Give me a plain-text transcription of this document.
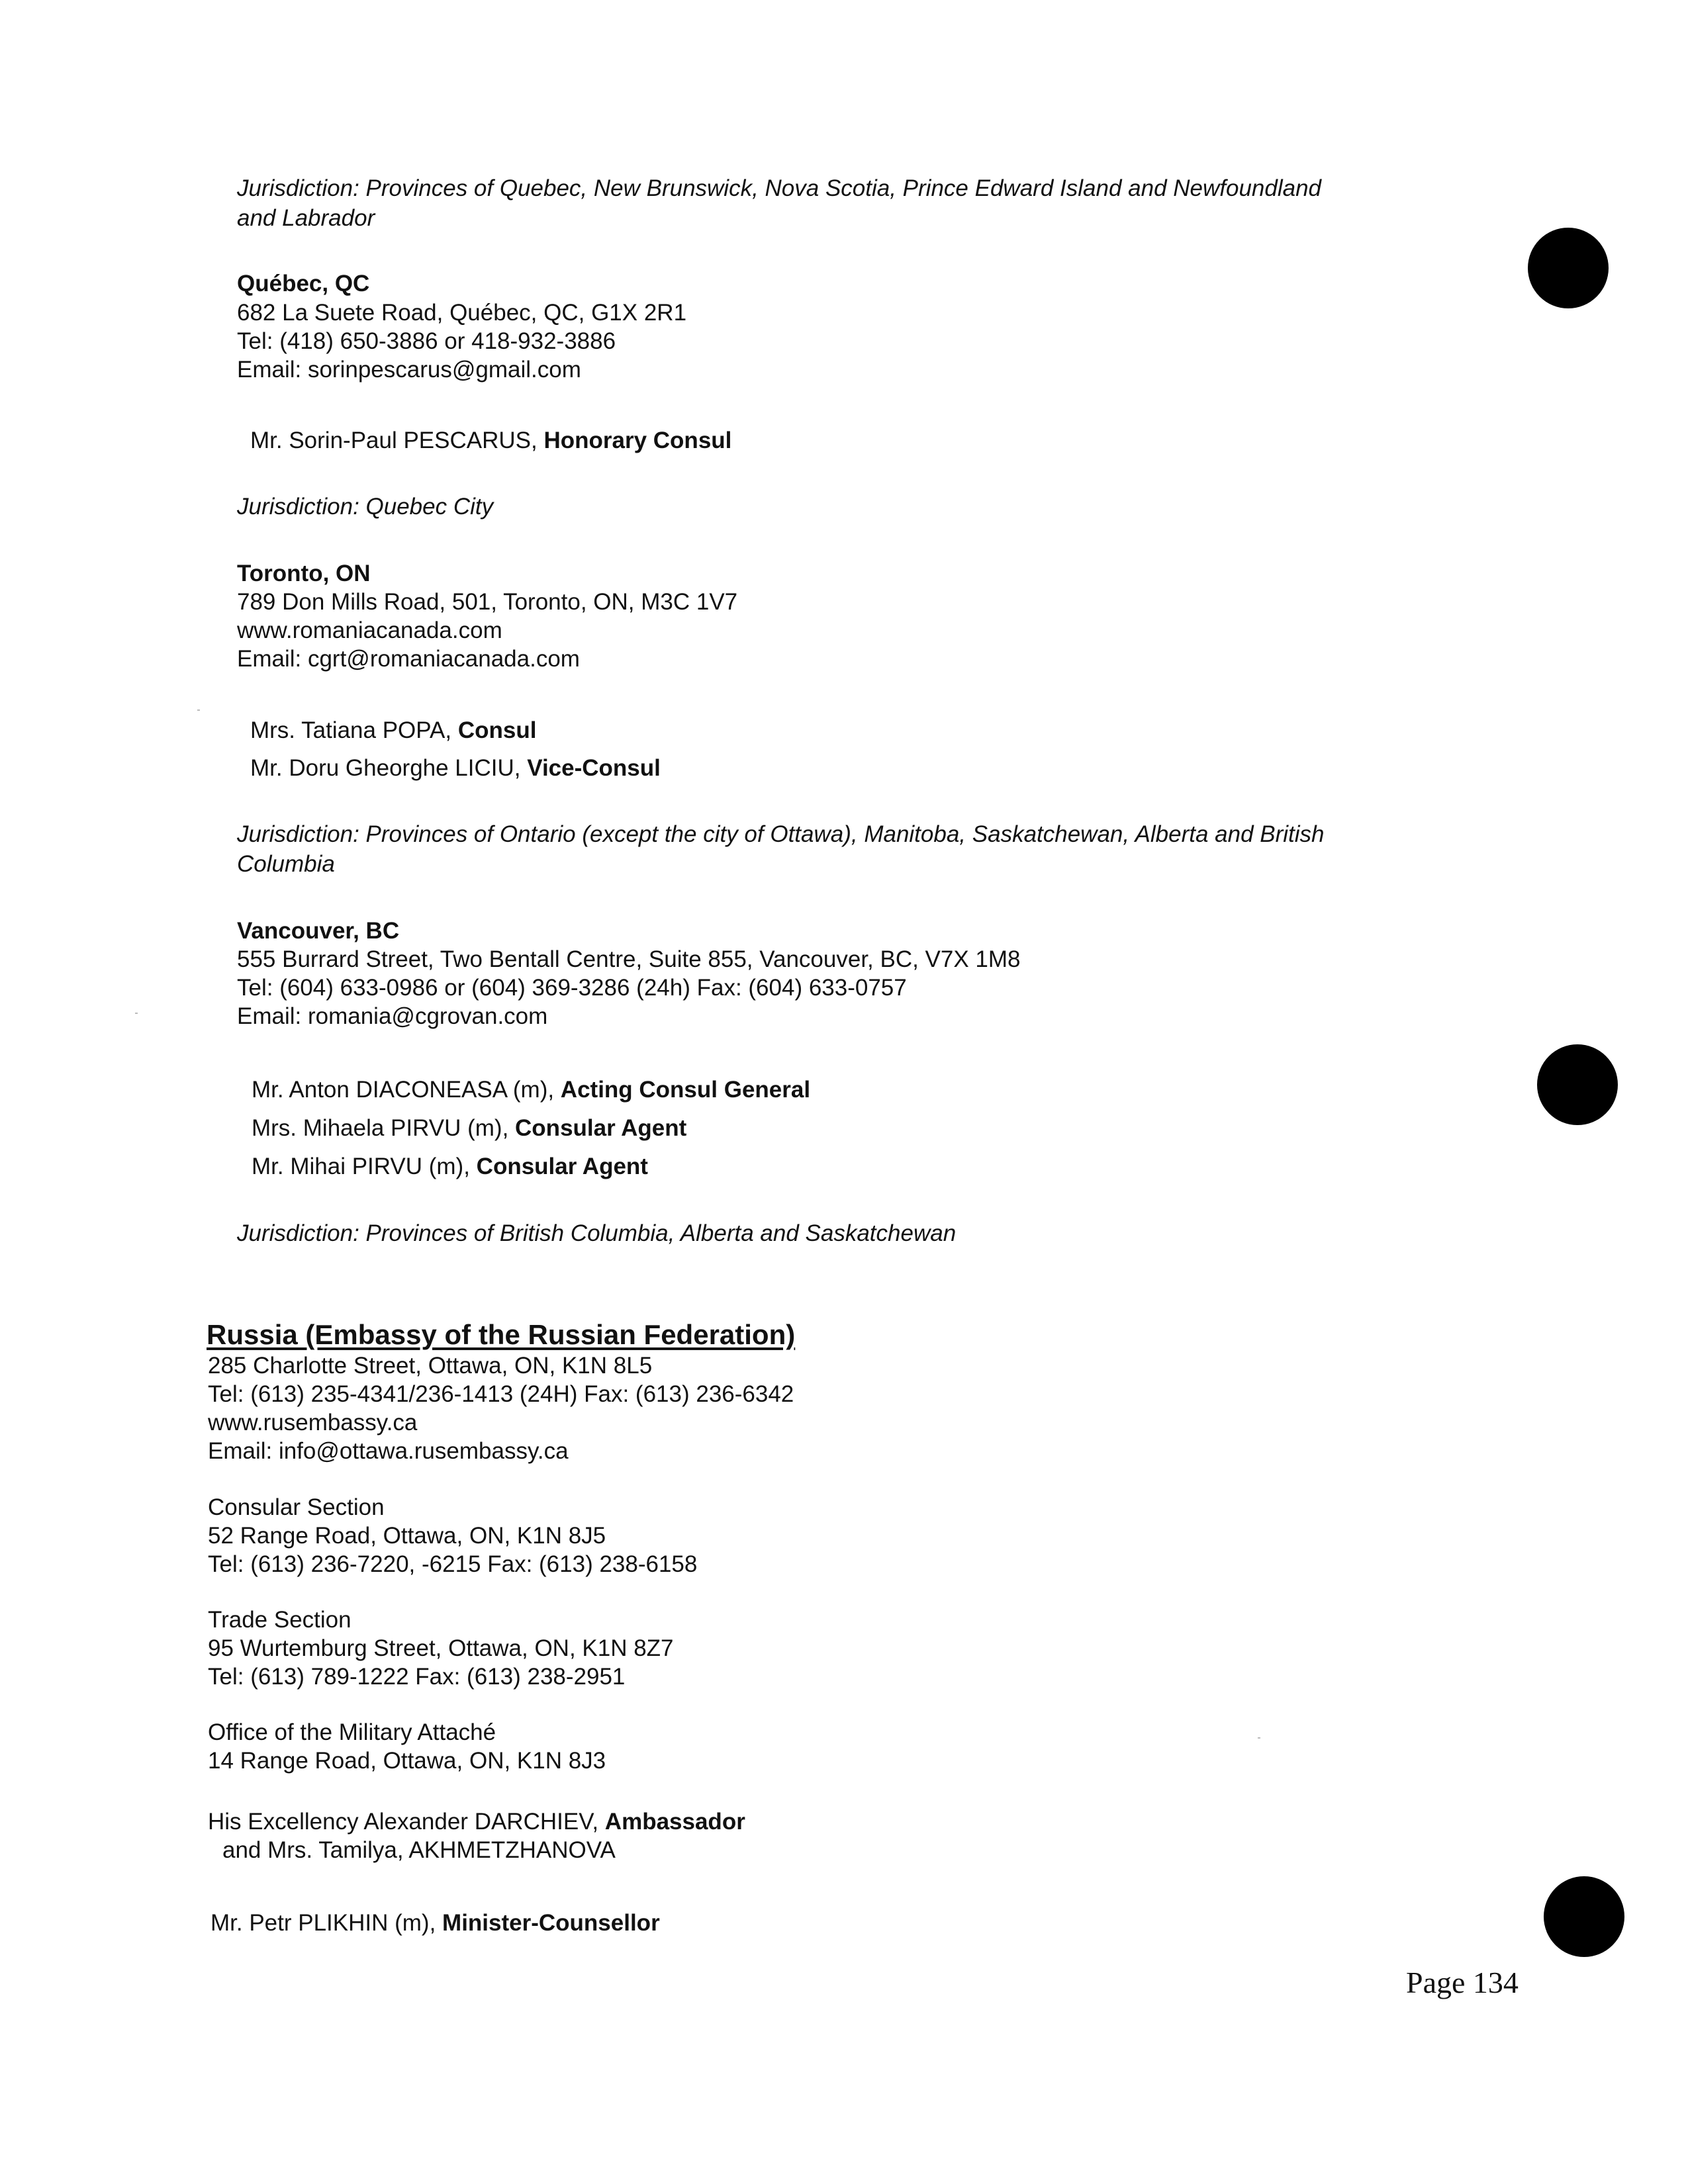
Jurisdiction: Provinces of Quebec, New Brunswick, Nova Scotia, Prince Edward Island and Newfoundland
and Labrador
Québec, QC
682 La Suete Road, Québec, QC, G1X 2R1
Tel: (418) 650-3886 or 418-932-3886
Email: sorinpescarus@gmail.com
Mr. Sorin-Paul PESCARUS, Honorary Consul
Jurisdiction: Quebec City
Toronto, ON
789 Don Mills Road, 501, Toronto, ON, M3C 1V7
www.romaniacanada.com
Email: cgrt@romaniacanada.com
Mrs. Tatiana POPA, Consul
Mr. Doru Gheorghe LICIU, Vice-Consul
Jurisdiction: Provinces of Ontario (except the city of Ottawa), Manitoba, Saskatchewan, Alberta and British
Columbia
Vancouver, BC
555 Burrard Street, Two Bentall Centre, Suite 855, Vancouver, BC, V7X 1M8
Tel: (604) 633-0986 or (604) 369-3286 (24h) Fax: (604) 633-0757
Email: romania@cgrovan.com
Mr. Anton DIACONEASA (m), Acting Consul General
Mrs. Mihaela PIRVU (m), Consular Agent
Mr. Mihai PIRVU (m), Consular Agent
Jurisdiction: Provinces of British Columbia, Alberta and Saskatchewan
Russia (Embassy of the Russian Federation)
285 Charlotte Street, Ottawa, ON, K1N 8L5
Tel: (613) 235-4341/236-1413 (24H) Fax: (613) 236-6342
www.rusembassy.ca
Email: info@ottawa.rusembassy.ca
Consular Section
52 Range Road, Ottawa, ON, K1N 8J5
Tel: (613) 236-7220, -6215 Fax: (613) 238-6158
Trade Section
95 Wurtemburg Street, Ottawa, ON, K1N 8Z7
Tel: (613) 789-1222 Fax: (613) 238-2951
Office of the Military Attaché
14 Range Road, Ottawa, ON, K1N 8J3
His Excellency Alexander DARCHIEV, Ambassador
and Mrs. Tamilya, AKHMETZHANOVA
Mr. Petr PLIKHIN (m), Minister-Counsellor
Page 134
